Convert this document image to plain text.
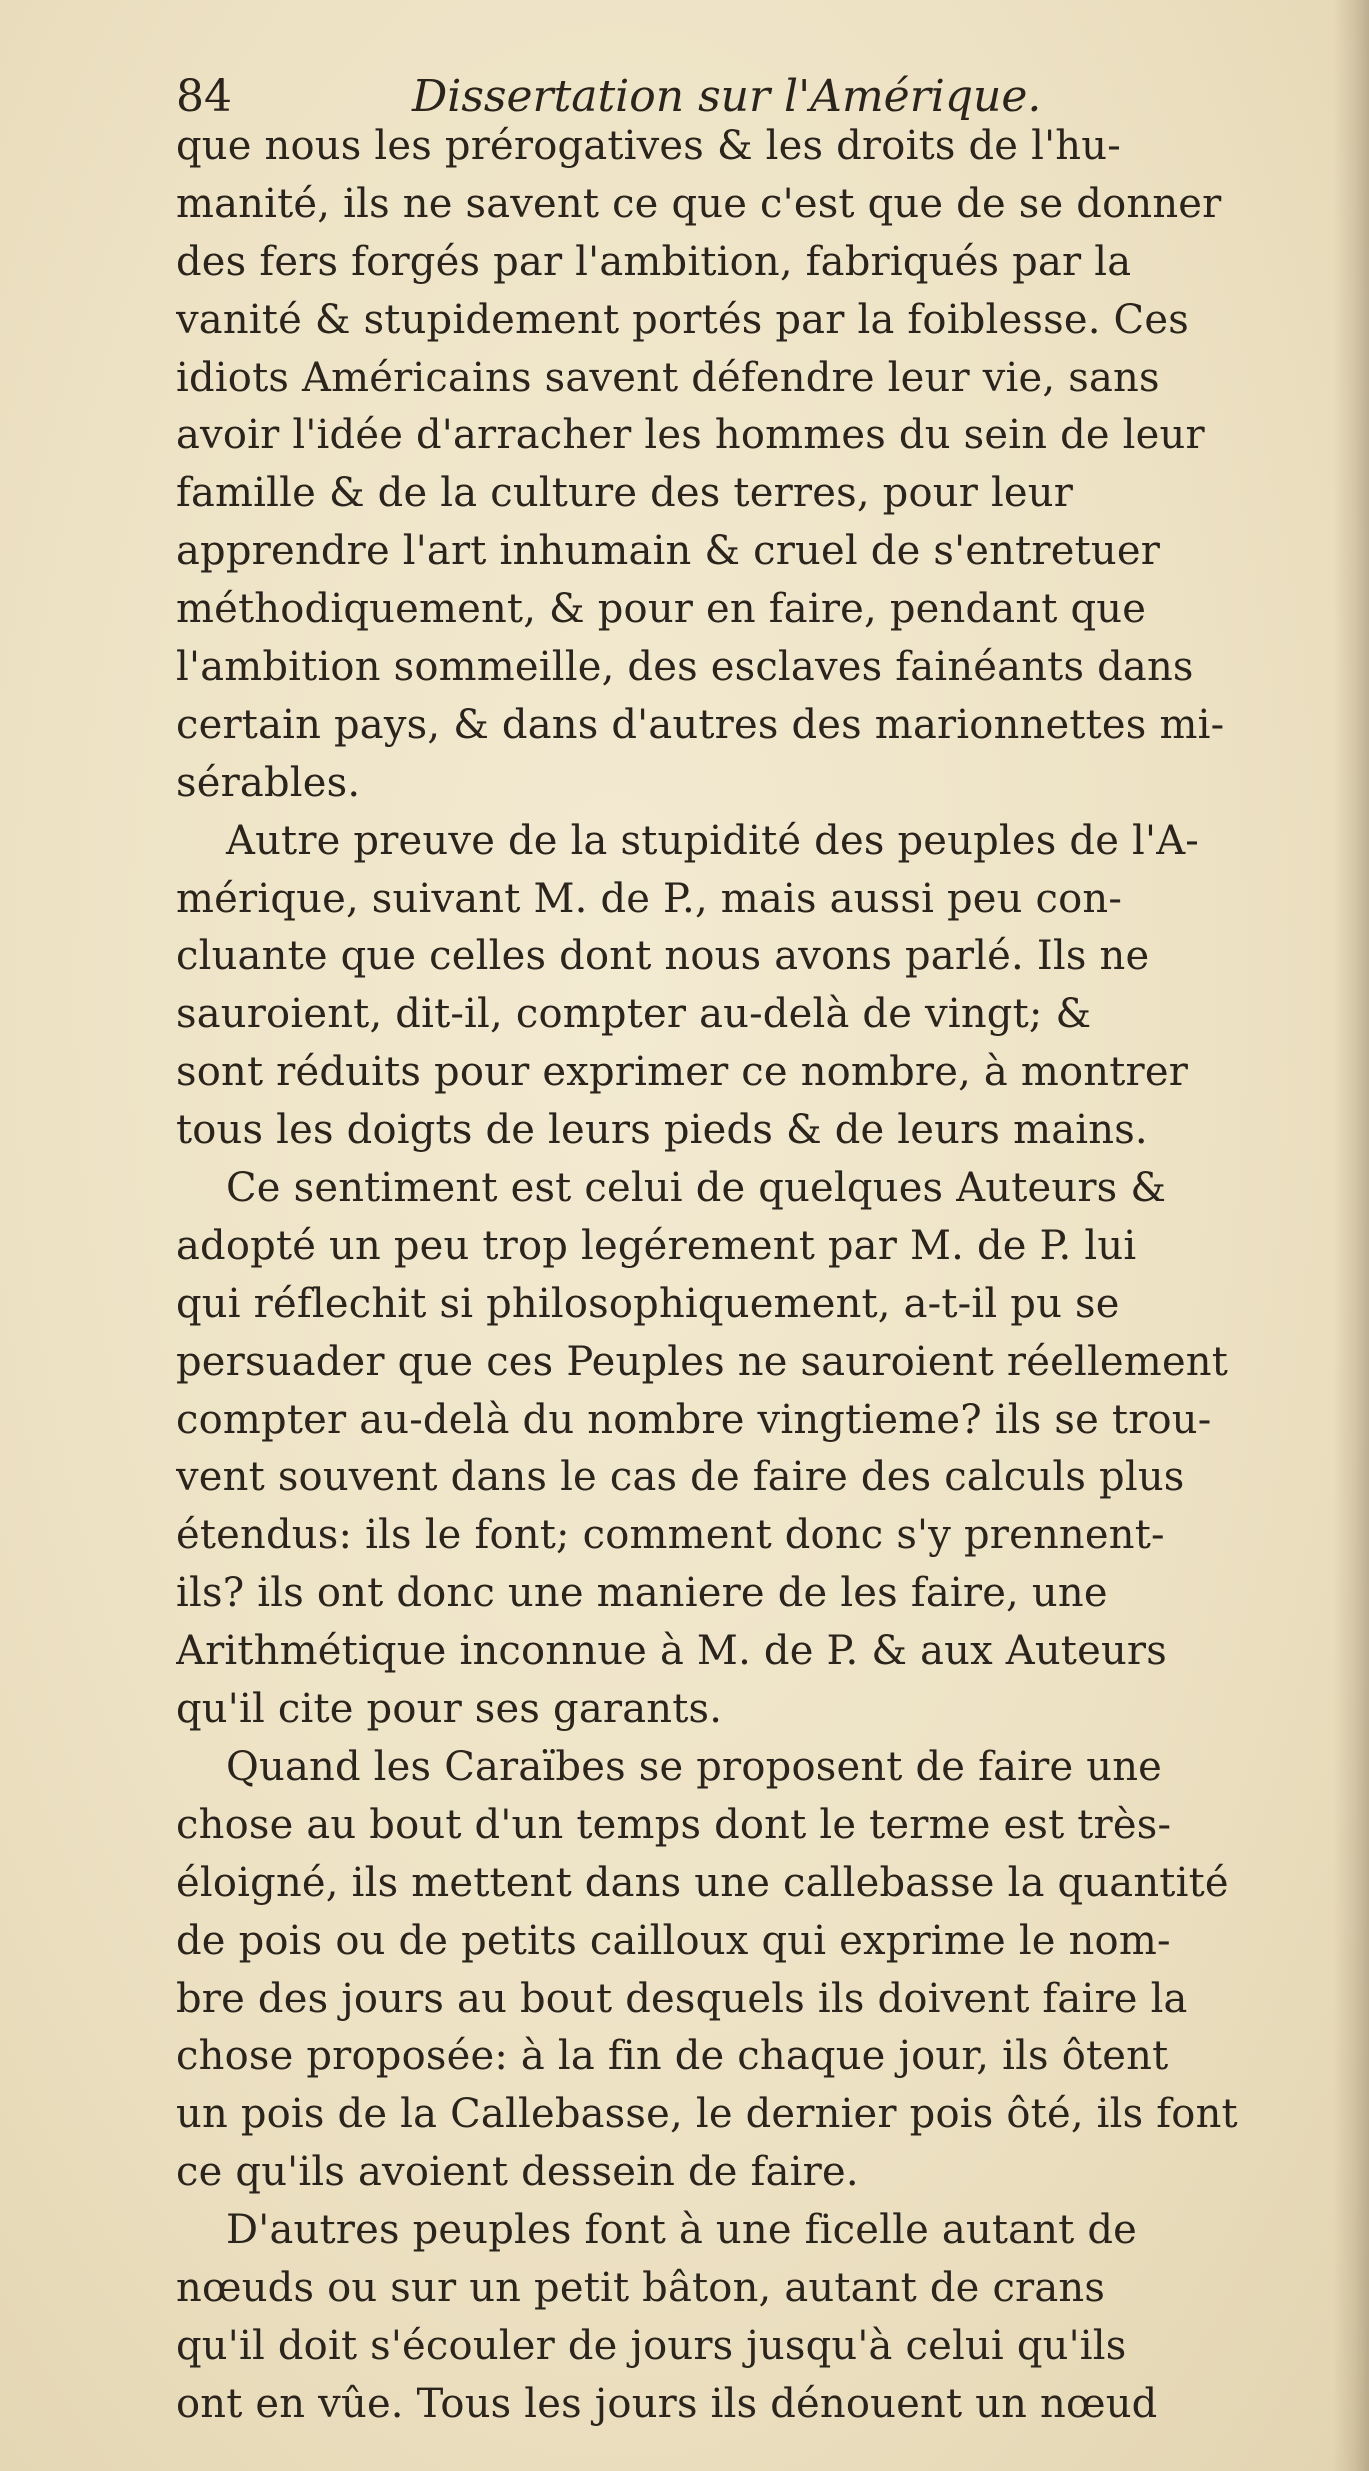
84	Dissertation sur l'Amérique.
que nous les prérogatives & les droits de l'hu-
manité, ils ne savent ce que c'est que de se donner
des fers forgés par l'ambition, fabriqués par la
vanité & stupidement portés par la foiblesse. Ces
idiots Américains savent défendre leur vie, sans
avoir l'idée d'arracher les hommes du sein de leur
famille & de la culture des terres, pour leur
apprendre l'art inhumain & cruel de s'entretuer
méthodiquement, & pour en faire, pendant que
l'ambition sommeille, des esclaves fainéants dans
certain pays, & dans d'autres des marionnettes mi-
sérables.
Autre preuve de la stupidité des peuples de l'A-
mérique, suivant M. de P., mais aussi peu con-
cluante que celles dont nous avons parlé. Ils ne
sauroient, dit-il, compter au-delà de vingt; &
sont réduits pour exprimer ce nombre, à montrer
tous les doigts de leurs pieds & de leurs mains.
Ce sentiment est celui de quelques Auteurs &
adopté un peu trop legérement par M. de P. lui
qui réflechit si philosophiquement, a-t-il pu se
persuader que ces Peuples ne sauroient réellement
compter au-delà du nombre vingtieme? ils se trou-
vent souvent dans le cas de faire des calculs plus
étendus: ils le font; comment donc s'y prennent-
ils? ils ont donc une maniere de les faire, une
Arithmétique inconnue à M. de P. & aux Auteurs
qu'il cite pour ses garants.
Quand les Caraïbes se proposent de faire une
chose au bout d'un temps dont le terme est très-
éloigné, ils mettent dans une callebasse la quantité
de pois ou de petits cailloux qui exprime le nom-
bre des jours au bout desquels ils doivent faire la
chose proposée: à la fin de chaque jour, ils ôtent
un pois de la Callebasse, le dernier pois ôté, ils font
ce qu'ils avoient dessein de faire.
D'autres peuples font à une ficelle autant de
nœuds ou sur un petit bâton, autant de crans
qu'il doit s'écouler de jours jusqu'à celui qu'ils
ont en vûe. Tous les jours ils dénouent un nœud
